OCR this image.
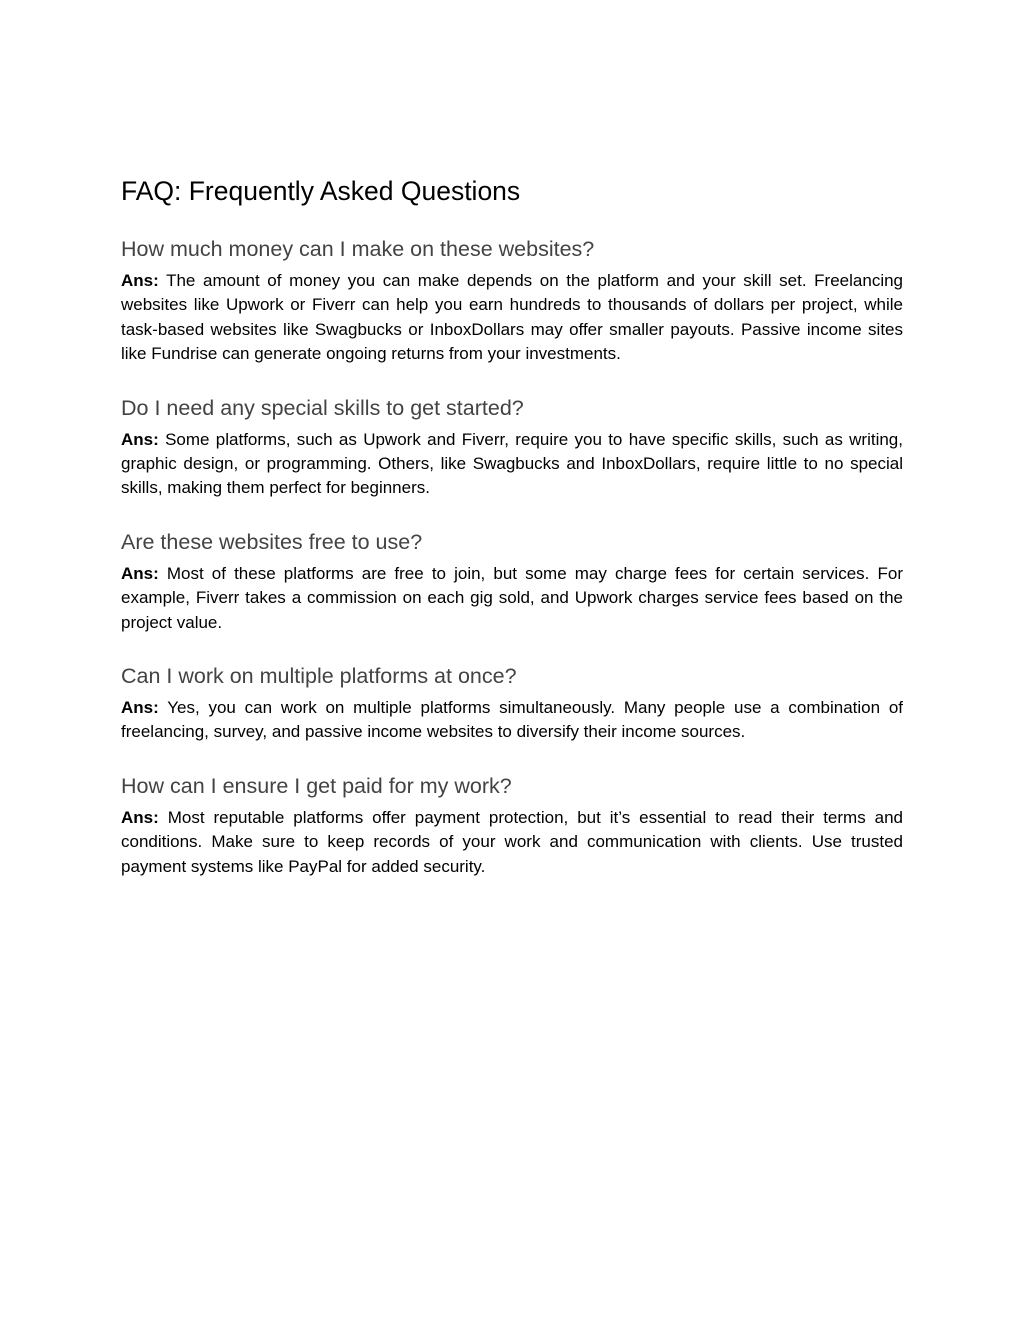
FAQ: Frequently Asked Questions
How much money can I make on these websites?

Ans: The amount of money you can make depends on the platform and your skill set. Freelancing websites like Upwork or Fiverr can help you earn hundreds to thousands of dollars per project, while task-based websites like Swagbucks or InboxDollars may offer smaller payouts. Passive income sites like Fundrise can generate ongoing returns from your investments.

Do I need any special skills to get started?

Ans: Some platforms, such as Upwork and Fiverr, require you to have specific skills, such as writing, graphic design, or programming. Others, like Swagbucks and InboxDollars, require little to no special skills, making them perfect for beginners.

Are these websites free to use?

Ans: Most of these platforms are free to join, but some may charge fees for certain services. For example, Fiverr takes a commission on each gig sold, and Upwork charges service fees based on the project value.

Can I work on multiple platforms at once?

Ans: Yes, you can work on multiple platforms simultaneously. Many people use a combination of freelancing, survey, and passive income websites to diversify their income sources.

How can I ensure I get paid for my work?

Ans: Most reputable platforms offer payment protection, but it’s essential to read their terms and conditions. Make sure to keep records of your work and communication with clients. Use trusted payment systems like PayPal for added security.
